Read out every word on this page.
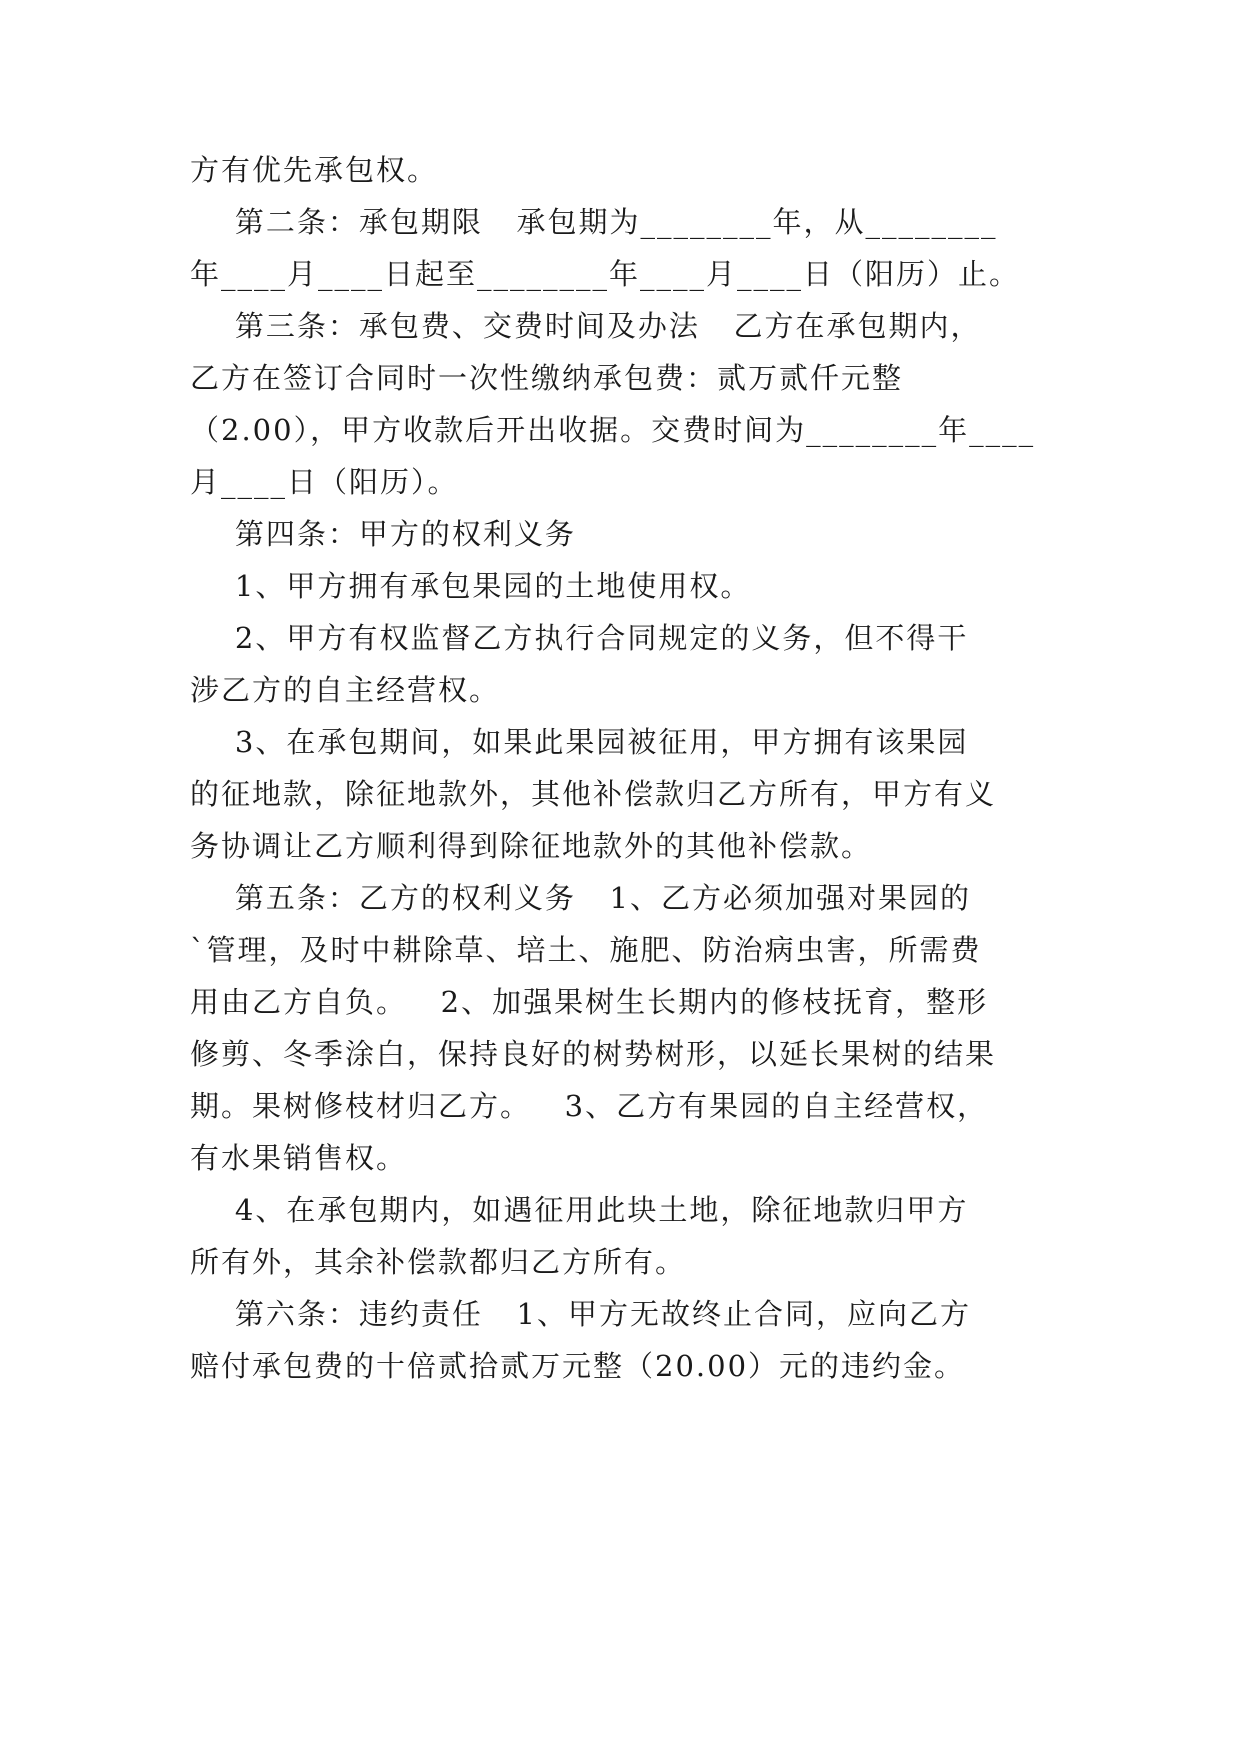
方有优先承包权。
第二条：承包期限   承包期为________年，从________
年____月____日起至________年____月____日（阳历）止。
第三条：承包费、交费时间及办法   乙方在承包期内，
乙方在签订合同时一次性缴纳承包费：贰万贰仟元整
（2.00），甲方收款后开出收据。交费时间为________年____
月____日（阳历）。
第四条：甲方的权利义务
1、甲方拥有承包果园的土地使用权。
2、甲方有权监督乙方执行合同规定的义务，但不得干
涉乙方的自主经营权。
3、在承包期间，如果此果园被征用，甲方拥有该果园
的征地款，除征地款外，其他补偿款归乙方所有，甲方有义
务协调让乙方顺利得到除征地款外的其他补偿款。
第五条：乙方的权利义务   1、乙方必须加强对果园的
`管理，及时中耕除草、培土、施肥、防治病虫害，所需费
用由乙方自负。   2、加强果树生长期内的修枝抚育，整形
修剪、冬季涂白，保持良好的树势树形，以延长果树的结果
期。果树修枝材归乙方。   3、乙方有果园的自主经营权，
有水果销售权。
4、在承包期内，如遇征用此块土地，除征地款归甲方
所有外，其余补偿款都归乙方所有。
第六条：违约责任   1、甲方无故终止合同，应向乙方
赔付承包费的十倍贰拾贰万元整（20.00）元的违约金。
